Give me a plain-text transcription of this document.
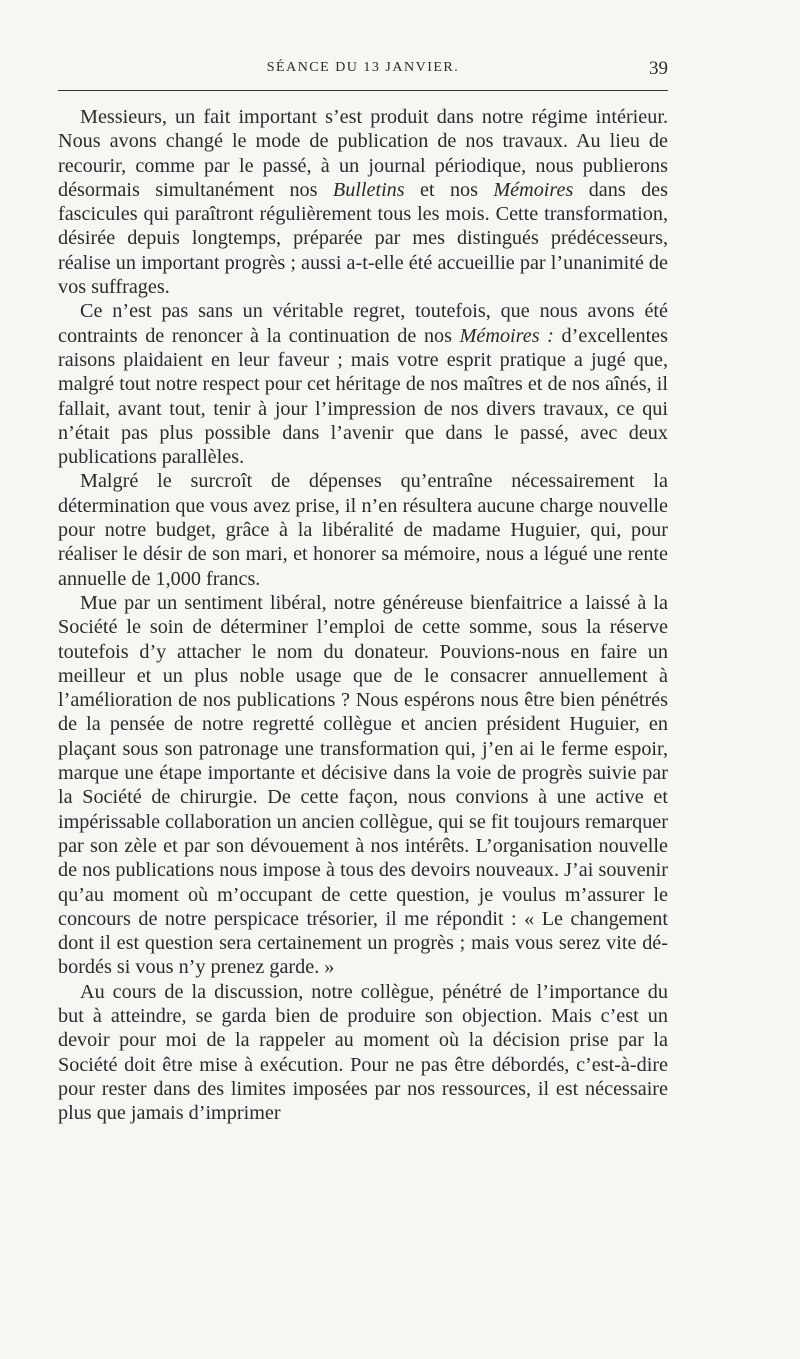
SÉANCE DU 13 JANVIER.	39

Messieurs, un fait important s’est produit dans notre régime intérieur. Nous avons changé le mode de publication de nos travaux. Au lieu de recourir, comme par le passé, à un journal périodique, nous publierons désormais simultanément nos Bulletins et nos Mémoires dans des fascicules qui paraîtront régulièrement tous les mois. Cette transformation, désirée depuis longtemps, préparée par mes distingués prédécesseurs, réalise un important progrès ; aussi a-t-elle été accueillie par l’unanimité de vos suffrages.

Ce n’est pas sans un véritable regret, toutefois, que nous avons été contraints de renoncer à la continuation de nos Mémoires : d’excellentes raisons plaidaient en leur faveur ; mais votre esprit pratique a jugé que, malgré tout notre respect pour cet héritage de nos maîtres et de nos aînés, il fallait, avant tout, tenir à jour l’impression de nos divers travaux, ce qui n’était pas plus possible dans l’avenir que dans le passé, avec deux publications parallèles.

Malgré le surcroît de dépenses qu’entraîne nécessairement la détermination que vous avez prise, il n’en résultera aucune charge nouvelle pour notre budget, grâce à la libéralité de madame Huguier, qui, pour réaliser le désir de son mari, et honorer sa mémoire, nous a légué une rente annuelle de 1,000 francs.

Mue par un sentiment libéral, notre généreuse bienfaitrice a laissé à la Société le soin de déterminer l’emploi de cette somme, sous la réserve toutefois d’y attacher le nom du donateur. Pouvions-nous en faire un meilleur et un plus noble usage que de le consacrer annuellement à l’amélioration de nos publications ? Nous espérons nous être bien pénétrés de la pensée de notre regretté collègue et ancien président Huguier, en plaçant sous son patronage une transformation qui, j’en ai le ferme espoir, marque une étape importante et décisive dans la voie de progrès suivie par la Société de chirurgie. De cette façon, nous convions à une active et impérissable collaboration un ancien collègue, qui se fit toujours remarquer par son zèle et par son dévouement à nos intérêts. L’organisation nouvelle de nos publications nous impose à tous des devoirs nouveaux. J’ai souvenir qu’au moment où m’occupant de cette question, je voulus m’assurer le concours de notre perspicace trésorier, il me répondit : « Le changement dont il est question sera certainement un progrès ; mais vous serez vite débordés si vous n’y prenez garde. »

Au cours de la discussion, notre collègue, pénétré de l’importance du but à atteindre, se garda bien de produire son objection. Mais c’est un devoir pour moi de la rappeler au moment où la décision prise par la Société doit être mise à exécution. Pour ne pas être débordés, c’est-à-dire pour rester dans des limites imposées par nos ressources, il est nécessaire plus que jamais d’imprimer
